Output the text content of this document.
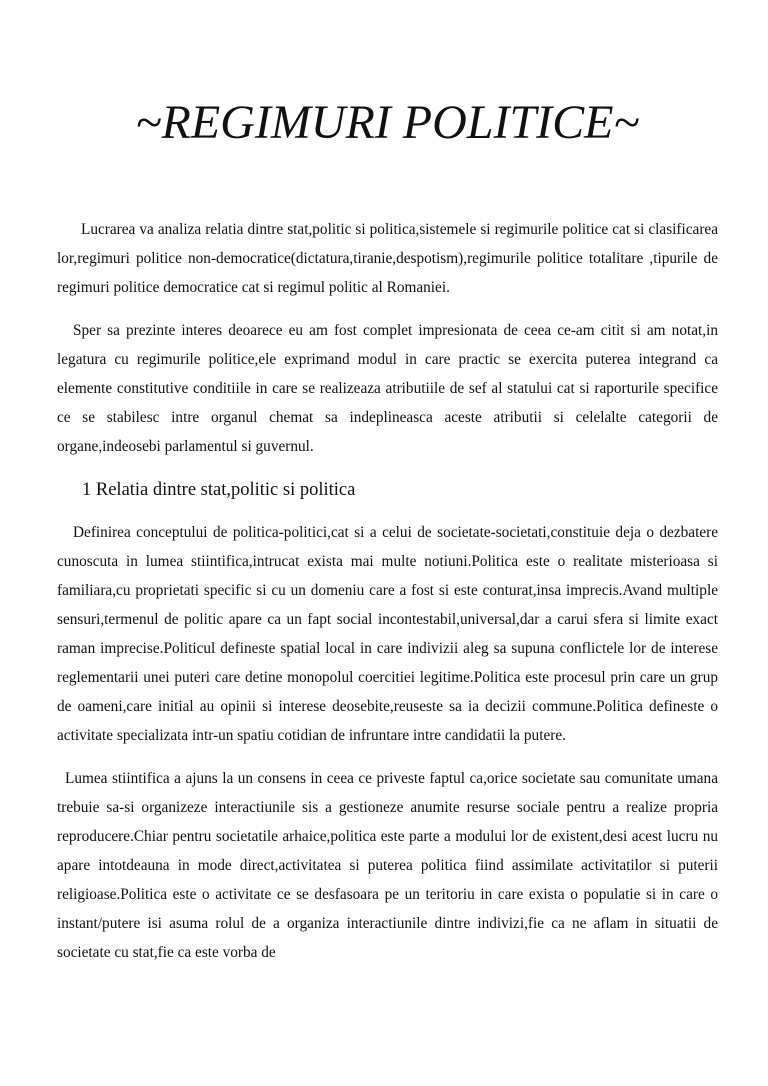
~REGIMURI POLITICE~

Lucrarea va analiza relatia dintre stat,politic si politica,sistemele si regimurile politice cat si clasificarea lor,regimuri politice non-democratice(dictatura,tiranie,despotism),regimurile politice totalitare ,tipurile de regimuri politice democratice cat si regimul politic al Romaniei.

Sper sa prezinte interes deoarece eu am fost complet impresionata de ceea ce-am citit si am notat,in legatura cu regimurile politice,ele exprimand modul in care practic se exercita puterea integrand ca elemente constitutive conditiile in care se realizeaza atributiile de sef al statului cat si raporturile specifice ce se stabilesc intre organul chemat sa indeplineasca aceste atributii si celelalte categorii de organe,indeosebi parlamentul si guvernul.

1 Relatia dintre stat,politic si politica

Definirea conceptului de politica-politici,cat si a celui de societate-societati,constituie deja o dezbatere cunoscuta in lumea stiintifica,intrucat exista mai multe notiuni.Politica este o realitate misterioasa si familiara,cu proprietati specific si cu un domeniu care a fost si este conturat,insa imprecis.Avand multiple sensuri,termenul de politic apare ca un fapt social incontestabil,universal,dar a carui sfera si limite exact raman imprecise.Politicul defineste spatial local in care indivizii aleg sa supuna conflictele lor de interese reglementarii unei puteri care detine monopolul coercitiei legitime.Politica este procesul prin care un grup de oameni,care initial au opinii si interese deosebite,reuseste sa ia decizii commune.Politica defineste o activitate specializata intr-un spatiu cotidian de infruntare intre candidatii la putere.

Lumea stiintifica a ajuns la un consens in ceea ce priveste faptul ca,orice societate sau comunitate umana trebuie sa-si organizeze interactiunile sis a gestioneze anumite resurse sociale pentru a realize propria reproducere.Chiar pentru societatile arhaice,politica este parte a modului lor de existent,desi acest lucru nu apare intotdeauna in mode direct,activitatea si puterea politica fiind assimilate activitatilor si puterii religioase.Politica este o activitate ce se desfasoara pe un teritoriu in care exista o populatie si in care o instant/putere isi asuma rolul de a organiza interactiunile dintre indivizi,fie ca ne aflam in situatii de societate cu stat,fie ca este vorba de
